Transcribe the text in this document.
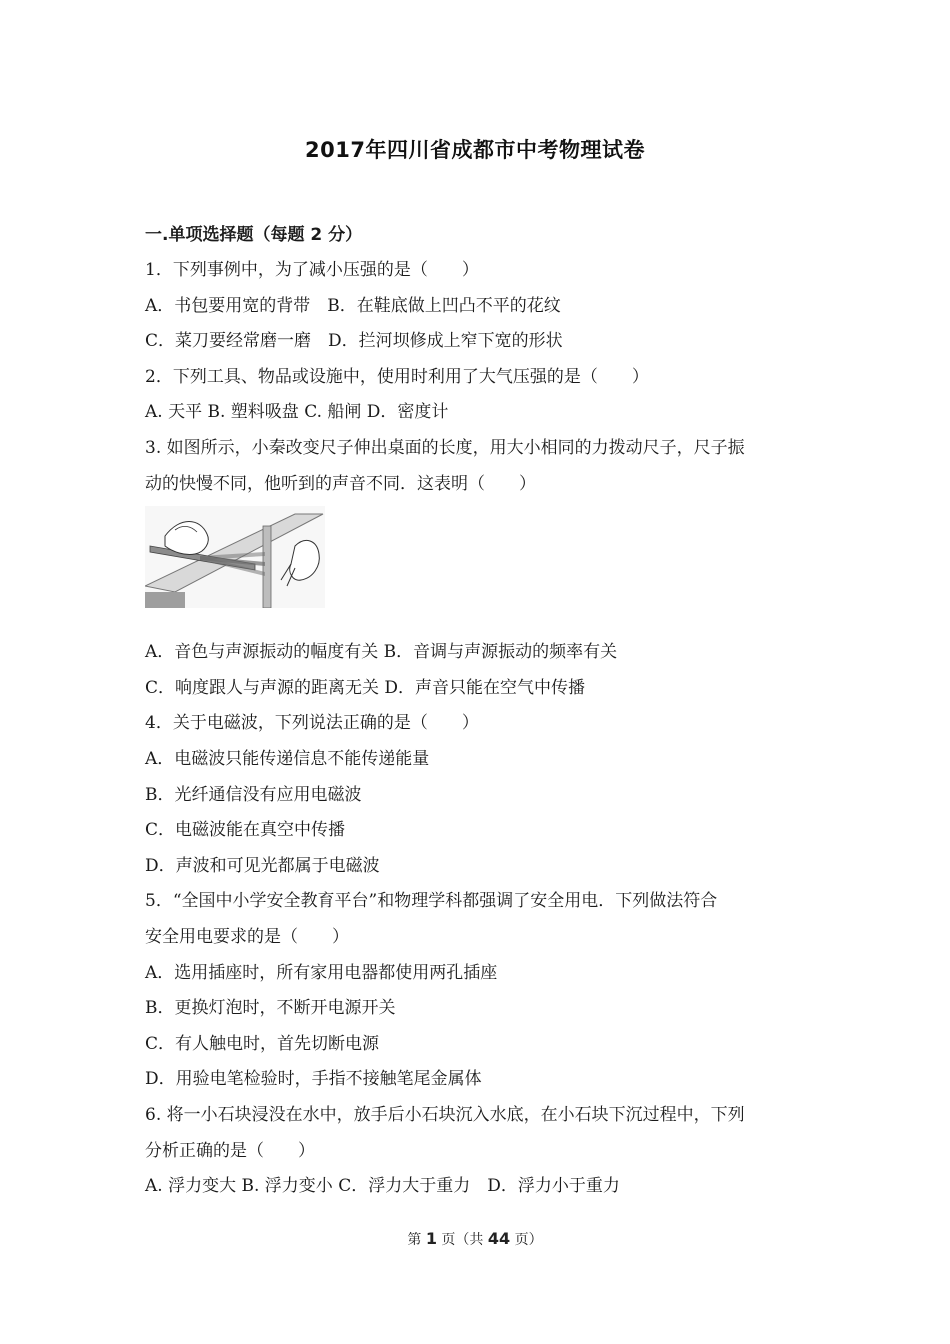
2017年四川省成都市中考物理试卷
一.单项选择题（每题 2 分）
1．下列事例中，为了减小压强的是（　　）
A．书包要用宽的背带　B．在鞋底做上凹凸不平的花纹
C．菜刀要经常磨一磨　D．拦河坝修成上窄下宽的形状
2．下列工具、物品或设施中，使用时利用了大气压强的是（　　）
A. 天平 B. 塑料吸盘 C. 船闸 D．密度计
3. 如图所示，小秦改变尺子伸出桌面的长度，用大小相同的力拨动尺子，尺子振
动的快慢不同，他听到的声音不同．这表明（　　）
A．音色与声源振动的幅度有关 B．音调与声源振动的频率有关
C．响度跟人与声源的距离无关 D．声音只能在空气中传播
4．关于电磁波，下列说法正确的是（　　）
A．电磁波只能传递信息不能传递能量
B．光纤通信没有应用电磁波
C．电磁波能在真空中传播
D．声波和可见光都属于电磁波
5．“全国中小学安全教育平台”和物理学科都强调了安全用电．下列做法符合
安全用电要求的是（　　）
A．选用插座时，所有家用电器都使用两孔插座
B．更换灯泡时，不断开电源开关
C．有人触电时，首先切断电源
D．用验电笔检验时，手指不接触笔尾金属体
6. 将一小石块浸没在水中，放手后小石块沉入水底，在小石块下沉过程中，下列
分析正确的是（　　）
A. 浮力变大 B. 浮力变小 C．浮力大于重力　D．浮力小于重力
第 1 页（共 44 页）
